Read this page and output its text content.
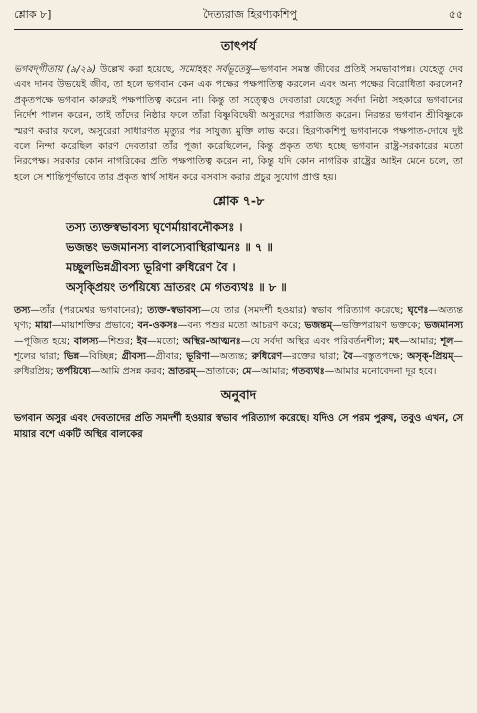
শ্লোক ৮]	দৈত্যরাজ হিরণ্যকশিপু	৫৫
তাৎপর্য

ভগবদ্‌গীতায় (৯/২৯) উল্লেখ করা হয়েছে, সমোহহং সর্বভূতেষু—ভগবান সমস্ত জীবের প্রতিই সমভাবাপন্ন। যেহেতু দেব এবং দানব উভয়েই জীব, তা হলে ভগবান কেন এক পক্ষের পক্ষপাতিত্ব করলেন এবং অন্য পক্ষের বিরোধিতা করলেন? প্রকৃতপক্ষে ভগবান কারুরই পক্ষপাতিত্ব করেন না। কিন্তু তা সত্ত্বেও দেবতারা যেহেতু সর্বদা নিষ্ঠা সহকারে ভগবানের নির্দেশ পালন করেন, তাই তাঁদের নিষ্ঠার ফলে তাঁরা বিষ্ণুবিদ্বেষী অসুরদের পরাজিত করেন। নিরন্তর ভগবান শ্রীবিষ্ণুকে স্মরণ করার ফলে, অসুরেরা সাধারণত মৃত্যুর পর সাযুজ্য মুক্তি লাভ করে। হিরণ্যকশিপু ভগবানকে পক্ষপাত-দোষে দুষ্ট বলে নিন্দা করেছিল কারণ দেবতারা তাঁর পূজা করেছিলেন, কিন্তু প্রকৃত তথ্য হচ্ছে ভগবান রাষ্ট্র-সরকারের মতো নিরপেক্ষ। সরকার কোন নাগরিকের প্রতি পক্ষপাতিত্ব করেন না, কিন্তু যদি কোন নাগরিক রাষ্ট্রের আইন মেনে চলে, তা হলে সে শান্তিপূর্ণভাবে তার প্রকৃত স্বার্থ সাধন করে বসবাস করার প্রচুর সুযোগ প্রাপ্ত হয়।

শ্লোক ৭-৮
তস্য ত্যক্তস্বভাবস্য ঘৃণের্মায়াবনৌকসঃ ।
ভজন্তং ভজমানস্য বালস্যেবাস্থিরাত্মনঃ ॥ ৭ ॥
মচ্ছূলভিন্নগ্রীবস্য ভূরিণা রুধিরেণ বৈ ।
অসৃক্প্রিয়ং তর্পয়িষ্যে ভ্রাতরং মে গতব্যথঃ ॥ ৮ ॥

তস্য—তাঁর (পরমেশ্বর ভগবানের); ত্যক্ত-স্বভাবস্য—যে তার (সমদর্শী হওয়ার) স্বভাব পরিত্যাগ করেছে; ঘৃণেঃ—অত্যন্ত ঘৃণ্য; মায়া—মায়াশক্তির প্রভাবে; বন-ওকসঃ—বন্য পশুর মতো আচরণ করে; ভজন্তম্—ভক্তিপরায়ণ ভক্তকে; ভজমানস্য—পূজিত হয়ে; বালস্য—শিশুর; ইব—মতো; অস্থির-আত্মনঃ—যে সর্বদা অস্থির এবং পরিবর্তনশীল; মৎ—আমার; শূল—শূলের দ্বারা; ভিন্ন—বিচ্ছিন্ন; গ্রীবস্য—গ্রীবার; ভূরিণা—অত্যন্ত; রুধিরেণ—রক্তের দ্বারা; বৈ—বস্তুতপক্ষে; অসৃক্-প্রিয়ম্—রুধিরপ্রিয়; তর্পয়িষ্যে—আমি প্রসন্ন করব; ভ্রাতরম্—ভ্রাতাকে; মে—আমার; গতব্যথঃ—আমার মনোবেদনা দূর হবে।

অনুবাদ

ভগবান অসুর এবং দেবতাদের প্রতি সমদর্শী হওয়ার স্বভাব পরিত্যাগ করেছে। যদিও সে পরম পুরুষ, তবুও এখন, সে মায়ার বশে একটি অস্থির বালকের
